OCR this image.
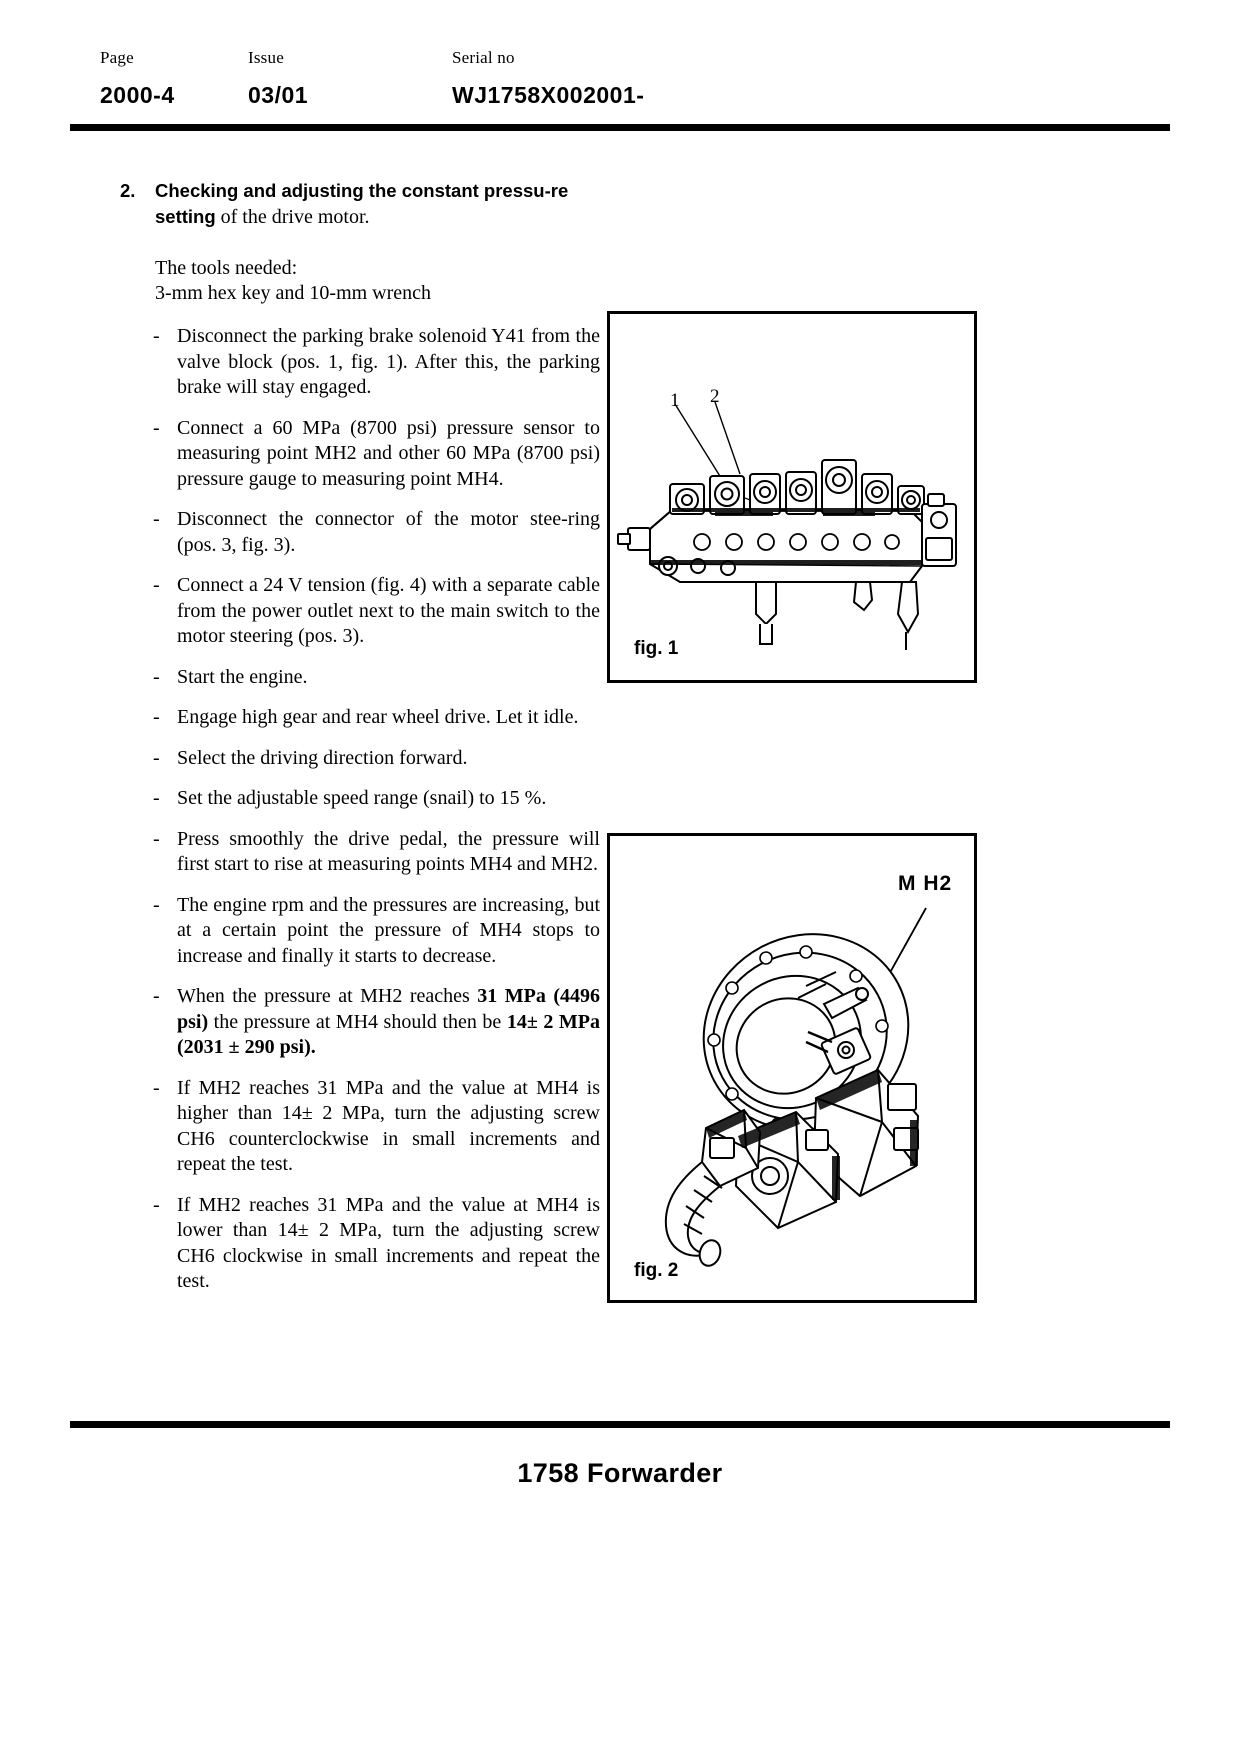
Page
2000-4
Issue
03/01
Serial no
WJ1758X002001-
2. Checking and adjusting the constant pressu-re setting of the drive motor.
The tools needed:
3-mm hex key and 10-mm wrench
- Disconnect the parking brake solenoid Y41 from the valve block (pos. 1, fig. 1). After this, the parking brake will stay engaged.
- Connect a 60 MPa (8700 psi) pressure sensor to measuring point MH2 and other 60 MPa (8700 psi) pressure gauge to measuring point MH4.
- Disconnect the connector of the motor stee-ring (pos. 3, fig. 3).
- Connect a 24 V tension (fig. 4) with a separate cable from the power outlet next to the main switch to the motor steering (pos. 3).
- Start the engine.
- Engage high gear and rear wheel drive. Let it idle.
- Select the driving direction forward.
- Set the adjustable speed range (snail) to 15 %.
- Press smoothly the drive pedal, the pressure will first start to rise at measuring points MH4 and MH2.
- The engine rpm and the pressures are increasing, but at a certain point the pressure of MH4 stops to increase and finally it starts to decrease.
- When the pressure at MH2 reaches 31 MPa (4496 psi) the pressure at MH4 should then be 14± 2 MPa (2031 ± 290 psi).
- If MH2 reaches 31 MPa and the value at MH4 is higher than 14± 2 MPa, turn the adjusting screw CH6 counterclockwise in small increments and repeat the test.
- If MH2 reaches 31 MPa and the value at MH4 is lower than 14± 2 MPa, turn the adjusting screw CH6 clockwise in small increments and repeat the test.
1 2
fig. 1
M H2
fig. 2
1758 Forwarder
